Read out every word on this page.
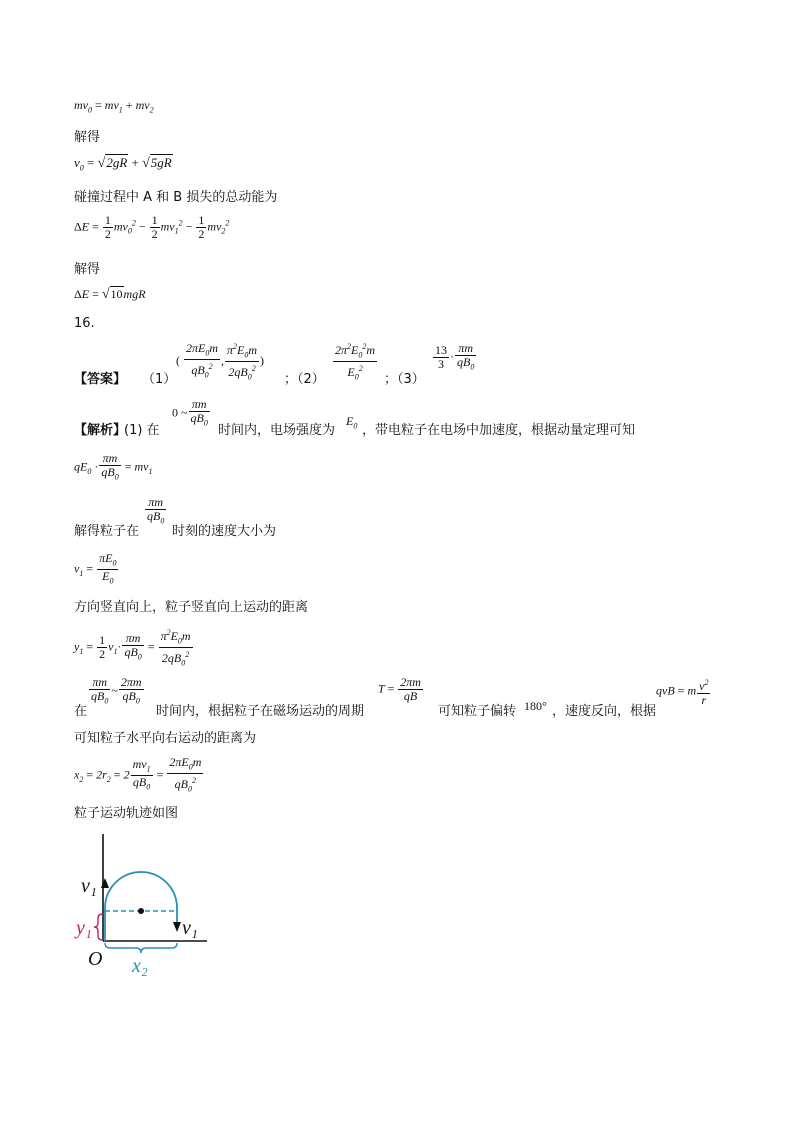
$mv_0 = mv_1 + mv_2$
解得
$v_0 = √2gR + √5gR$
碰撞过程中 A 和 B 损失的总动能为
$\Delta E = \frac{1}{2} mv_0^2 - \frac{1}{2} mv_1^2 - \frac{1}{2} mv_2^2$
解得
ΔE = √10mgR
16.
【答案】 （1）
( $\frac{2\pi E_0m}{qB_0^2}$ , $\frac{\pi^2E_0m}{2qB_0^2}$ )
；$(2) \frac{2\pi^2E_0^2m}{E_0^2}$ ；（3）
$\frac{13}{3} \cdot \frac{\pi m}{qB_0}$
【解析】
(1) 在
0 ~ $\frac{\pi m}{qB_0}$
时间内，电场强度为
$E_0$ ，带电粒子在电场中加速度，根据动量定理可知
$qE_0 \cdot \frac{\pi m}{qB_0} = mv_1$
解得粒子在
$\frac{\pi m}{qB_0}$
时刻的速度大小为
$v_1 = \frac{\pi E_0}{E_0}$
方向竖直向上，粒子竖直向上运动的距离
$y_1 = \frac{1}{2} v_1\cdot \frac{\pi m}{qB_0} = \frac{\pi^2E_0m}{2qB_0^2}$
在
$\frac{\pi m}{qB_0}$ ~ $\frac{2\pi m}{qB_0}$
时间内，根据粒子在磁场运动的周期
$T = \frac{2\pi m}{qB}$
可知粒子偏转 180° ，速度反向，根据
qvB = m $\frac{v^2}{r}$
可知粒子水平向右运动的距离为
$x_2 = 2r_2 = 2 \frac{mv_1}{qB_0} = \frac{2\pi E_0m}{qB_0^2}$
粒子运动轨迹如图
v₁
v₁
y₁
O x₂
